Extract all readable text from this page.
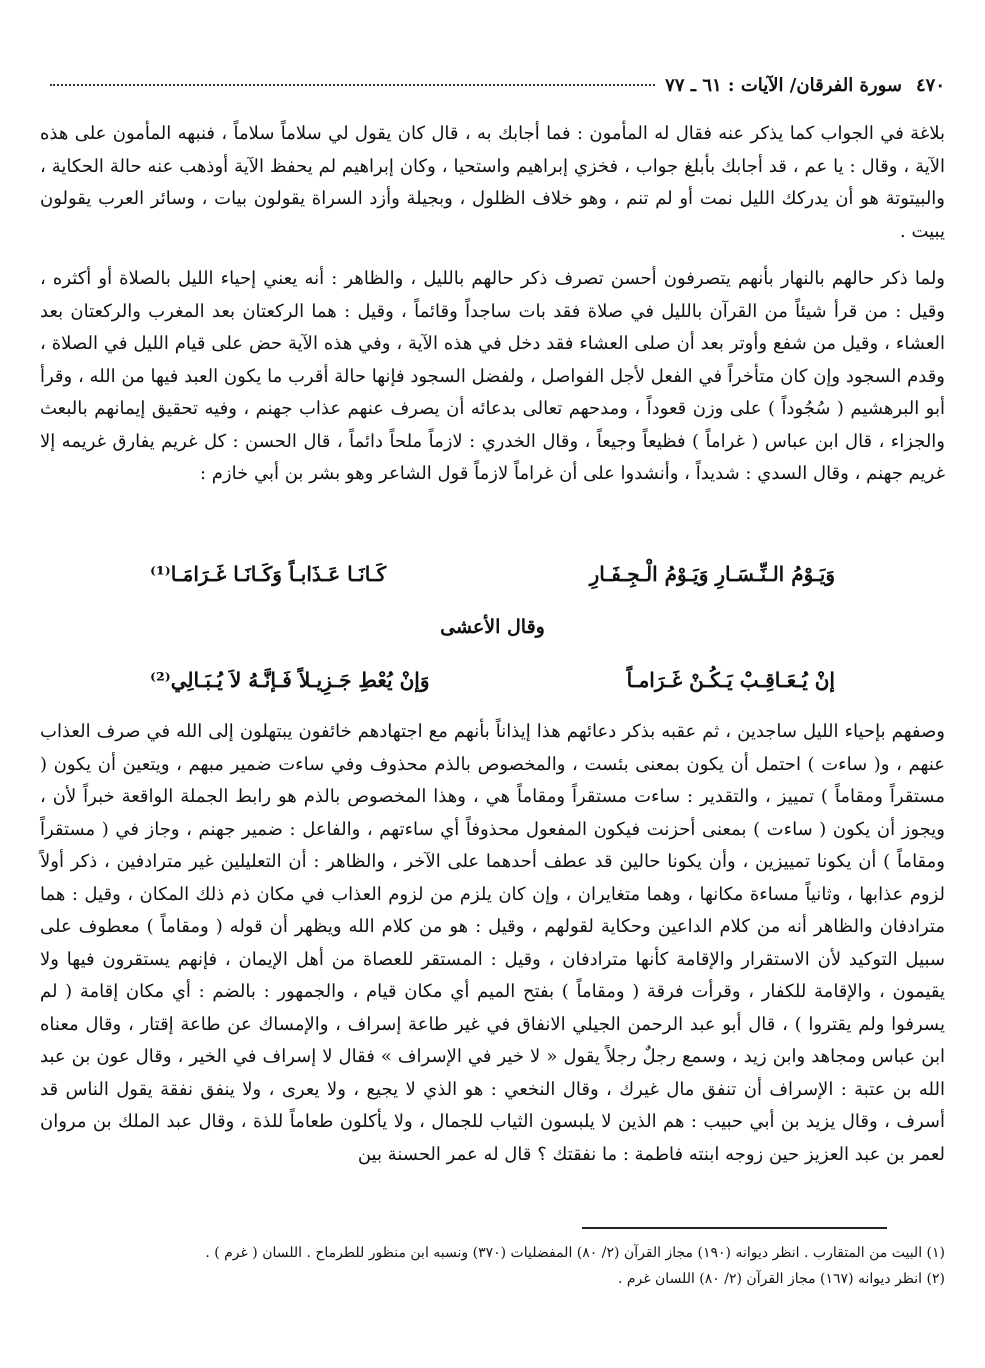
٤٧٠
سورة الفرقان/ الآيات : ٦١ ـ ٧٧

بلاغة في الجواب كما يذكر عنه فقال له المأمون : فما أجابك به ، قال كان يقول لي سلاماً سلاماً ، فنبهه المأمون على هذه الآية ، وقال : يا عم ، قد أجابك بأبلغ جواب ، فخزي إبراهيم واستحيا ، وكان إبراهيم لم يحفظ الآية أوذهب عنه حالة الحكاية ، والبيتوتة هو أن يدركك الليل نمت أو لم تنم ، وهو خلاف الظلول ، وبجيلة وأزد السراة يقولون بيات ، وسائر العرب يقولون يبيت .

ولما ذكر حالهم بالنهار بأنهم يتصرفون أحسن تصرف ذكر حالهم بالليل ، والظاهر : أنه يعني إحياء الليل بالصلاة أو أكثره ، وقيل : من قرأ شيئاً من القرآن بالليل في صلاة فقد بات ساجداً وقائماً ، وقيل : هما الركعتان بعد المغرب والركعتان بعد العشاء ، وقيل من شفع وأوتر بعد أن صلى العشاء فقد دخل في هذه الآية ، وفي هذه الآية حض على قيام الليل في الصلاة ، وقدم السجود وإن كان متأخراً في الفعل لأجل الفواصل ، ولفضل السجود فإنها حالة أقرب ما يكون العبد فيها من الله ، وقرأ أبو البرهشيم ( سُجُوداً ) على وزن قعوداً ، ومدحهم تعالى بدعائه أن يصرف عنهم عذاب جهنم ، وفيه تحقيق إيمانهم بالبعث والجزاء ، قال ابن عباس ( غراماً ) فظيعاً وجيعاً ، وقال الخدري : لازماً ملحاً دائماً ، قال الحسن : كل غريم يفارق غريمه إلا غريم جهنم ، وقال السدي : شديداً ، وأنشدوا على أن غراماً لازماً قول الشاعر وهو بشر بن أبي خازم :

وَيَـوْمُ الـنِّـسَـارِ وَيَـوْمُ الْـجِـفَـارِ
كَـانَـا عَـذَابـاً وَكَـانَـا غَـرَامَـا⁽¹⁾
وقال الأعشى
إنْ يُـعَـاقِـبْ يَـكُـنْ غَـرَامـاً
وَإنْ يُعْطِ جَـزِيـلاً فَـإنَّـهُ لاَ يُـبَـالِي⁽²⁾

وصفهم بإحياء الليل ساجدين ، ثم عقبه بذكر دعائهم هذا إيذاناً بأنهم مع اجتهادهم خائفون يبتهلون إلى الله في صرف العذاب عنهم ، و( ساءت ) احتمل أن يكون بمعنى بئست ، والمخصوص بالذم محذوف وفي ساءت ضمير مبهم ، ويتعين أن يكون ( مستقراً ومقاماً ) تمييز ، والتقدير : ساءت مستقراً ومقاماً هي ، وهذا المخصوص بالذم هو رابط الجملة الواقعة خبراً لأن ، ويجوز أن يكون ( ساءت ) بمعنى أحزنت فيكون المفعول محذوفاً أي ساءتهم ، والفاعل : ضمير جهنم ، وجاز في ( مستقراً ومقاماً ) أن يكونا تمييزين ، وأن يكونا حالين قد عطف أحدهما على الآخر ، والظاهر : أن التعليلين غير مترادفين ، ذكر أولاً لزوم عذابها ، وثانياً مساءة مكانها ، وهما متغايران ، وإن كان يلزم من لزوم العذاب في مكان ذم ذلك المكان ، وقيل : هما مترادفان والظاهر أنه من كلام الداعين وحكاية لقولهم ، وقيل : هو من كلام الله ويظهر أن قوله ( ومقاماً ) معطوف على سبيل التوكيد لأن الاستقرار والإقامة كأنها مترادفان ، وقيل : المستقر للعصاة من أهل الإيمان ، فإنهم يستقرون فيها ولا يقيمون ، والإقامة للكفار ، وقرأت فرقة ( ومقاماً ) بفتح الميم أي مكان قيام ، والجمهور : بالضم : أي مكان إقامة ( لم يسرفوا ولم يقتروا ) ، قال أبو عبد الرحمن الجيلي الانفاق في غير طاعة إسراف ، والإمساك عن طاعة إقتار ، وقال معناه ابن عباس ومجاهد وابن زيد ، وسمع رجلٌ رجلاً يقول « لا خير في الإسراف » فقال لا إسراف في الخير ، وقال عون بن عبد الله بن عتبة : الإسراف أن تنفق مال غيرك ، وقال النخعي : هو الذي لا يجيع ، ولا يعرى ، ولا ينفق نفقة يقول الناس قد أسرف ، وقال يزيد بن أبي حبيب : هم الذين لا يلبسون الثياب للجمال ، ولا يأكلون طعاماً للذة ، وقال عبد الملك بن مروان لعمر بن عبد العزيز حين زوجه ابنته فاطمة : ما نفقتك ؟ قال له عمر الحسنة بين

(١) البيت من المتقارب . انظر ديوانه (١٩٠) مجاز القرآن (٢/ ٨٠) المفضليات (٣٧٠) ونسبه ابن منظور للطرماح . اللسان ( غرم ) .

(٢) انظر ديوانه (١٦٧) مجاز القرآن (٢/ ٨٠) اللسان غرم .
